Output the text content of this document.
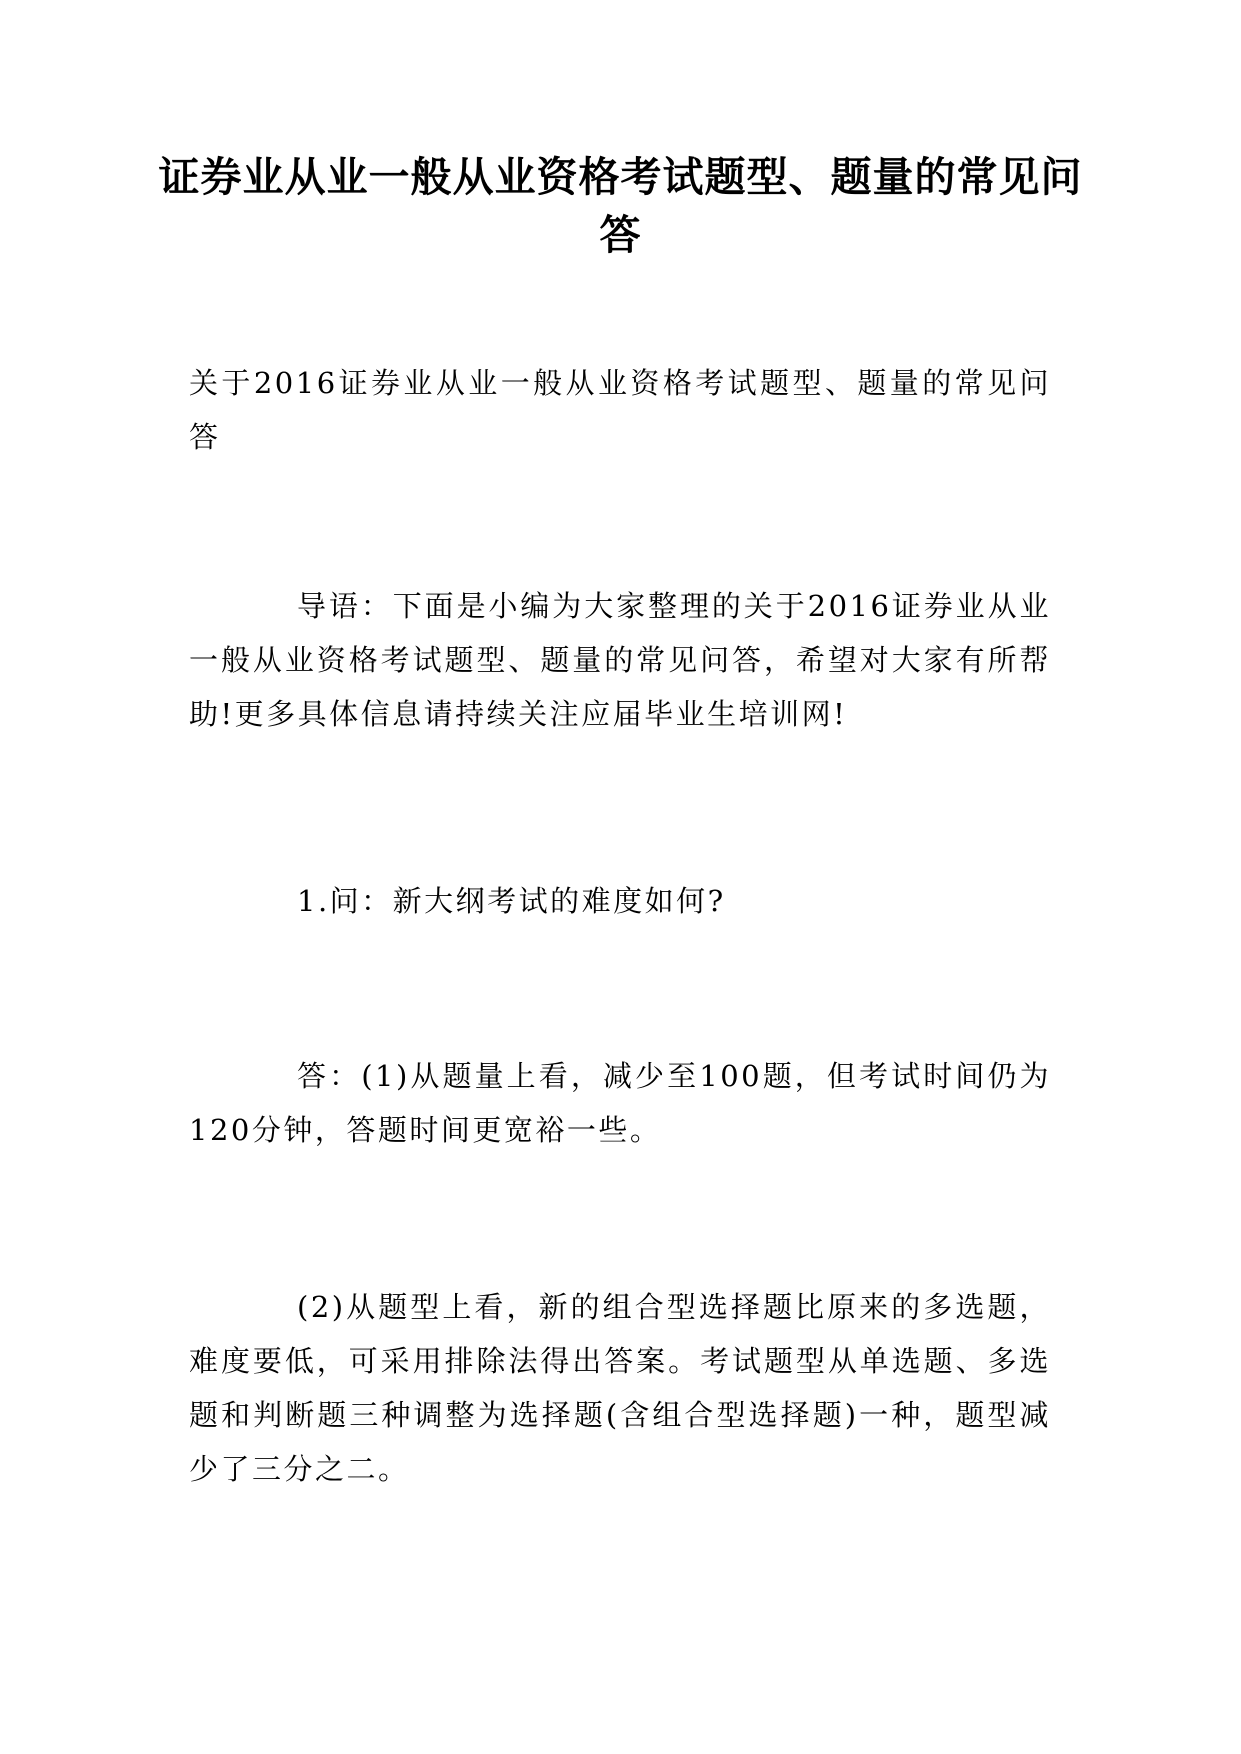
证券业从业一般从业资格考试题型、题量的常见问答
关于2016证券业从业一般从业资格考试题型、题量的常见问答
导语：下面是小编为大家整理的关于2016证券业从业一般从业资格考试题型、题量的常见问答，希望对大家有所帮助!更多具体信息请持续关注应届毕业生培训网!
1.问：新大纲考试的难度如何?
答：(1)从题量上看，减少至100题，但考试时间仍为120分钟，答题时间更宽裕一些。
(2)从题型上看，新的组合型选择题比原来的多选题，难度要低，可采用排除法得出答案。考试题型从单选题、多选题和判断题三种调整为选择题(含组合型选择题)一种，题型减少了三分之二。
